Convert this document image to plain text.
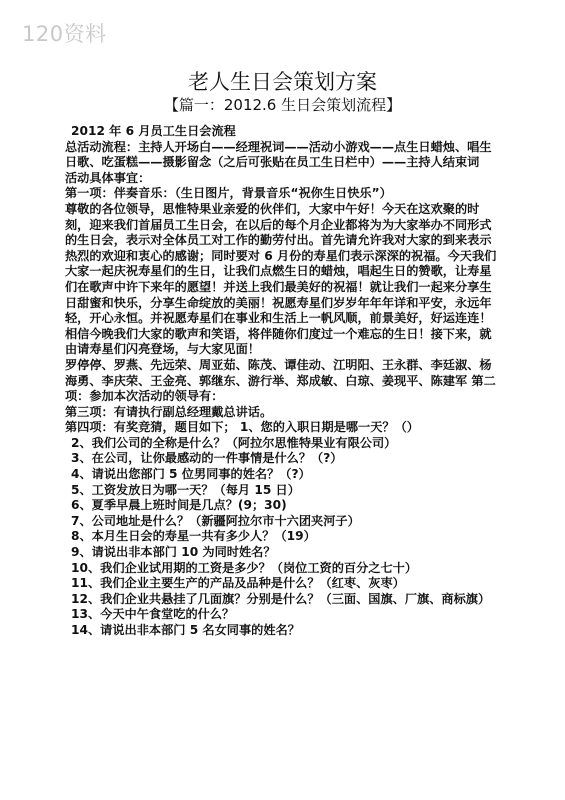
120资料
老人生日会策划方案
【篇一：2012.6 生日会策划流程】

2012 年 6 月员工生日会流程

总活动流程：主持人开场白——经理祝词——活动小游戏——点生日蜡烛、唱生日歌、吃蛋糕——摄影留念（之后可张贴在员工生日栏中）——主持人结束词

活动具体事宜：

第一项：伴奏音乐：（生日图片，背景音乐“祝你生日快乐”）

尊敬的各位领导，思惟特果业亲爱的伙伴们，大家中午好！今天在这欢聚的时刻，迎来我们首届员工生日会，在以后的每个月企业都将为为大家举办不同形式的生日会，表示对全体员工对工作的勤劳付出。首先请允许我对大家的到来表示热烈的欢迎和衷心的感谢；同时要对 6 月份的寿星们表示深深的祝福。今天我们大家一起庆祝寿星们的生日，让我们点燃生日的蜡烛，唱起生日的赞歌，让寿星们在歌声中许下来年的愿望！并送上我们最美好的祝福！就让我们一起来分享生日甜蜜和快乐，分享生命绽放的美丽！祝愿寿星们岁岁年年年详和平安，永远年轻，开心永恒。并祝愿寿星们在事业和生活上一帆风顺，前景美好，好运连连！相信今晚我们大家的歌声和笑语，将伴随你们度过一个难忘的生日！接下来，就由请寿星们闪亮登场，与大家见面！

罗停停、罗燕、先远荣、周亚茹、陈茂、谭佳动、江明阳、王永群、李廷淑、杨海勇、李庆荣、王金亮、郭继东、游行举、郑成敏、白琼、姜现平、陈建军 第二项：参加本次活动的领导有：

第三项：有请执行副总经理戴总讲话。

第四项：有奖竞猜，题目如下； 1、您的入职日期是哪一天？（）

2、我们公司的全称是什么？（阿拉尔思惟特果业有限公司）

3、在公司，让你最感动的一件事情是什么？（?）

4、请说出您部门 5 位男同事的姓名？（?）

5、工资发放日为哪一天？（每月 15 日）

6、夏季早晨上班时间是几点？(9；30)

7、公司地址是什么？（新疆阿拉尔市十六团夹河子）

8、本月生日会的寿星一共有多少人？（19）

9、请说出非本部门 10 为同时姓名？

10、我们企业试用期的工资是多少？（岗位工资的百分之七十）

11、我们企业主要生产的产品及品种是什么？（红枣、灰枣）

12、我们企业共悬挂了几面旗？分别是什么？（三面、国旗、厂旗、商标旗）

13、今天中午食堂吃的什么？

14、请说出非本部门 5 名女同事的姓名？
